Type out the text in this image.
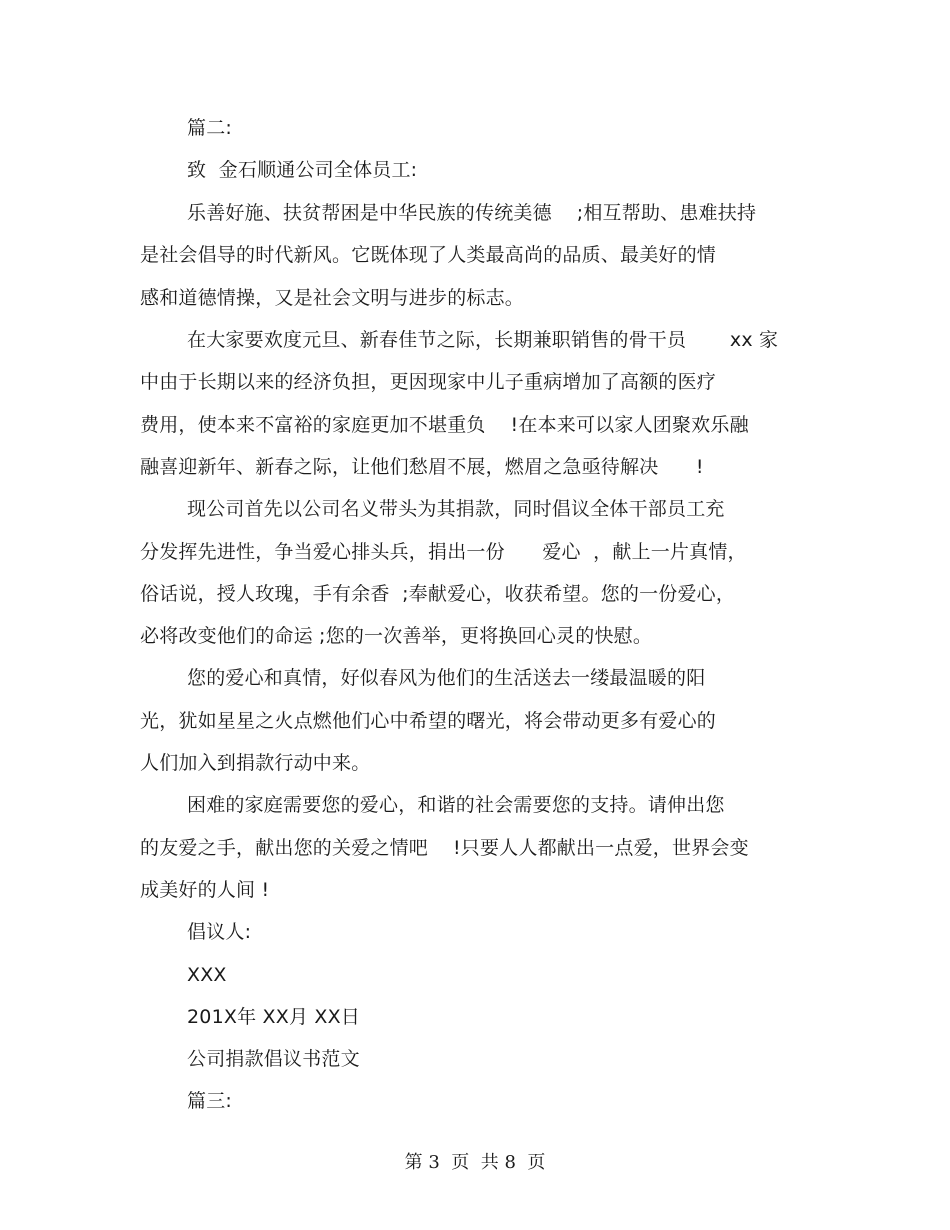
篇二:
致  金石顺通公司全体员工:
乐善好施、扶贫帮困是中华民族的传统美德    ;相互帮助、患难扶持
是社会倡导的时代新风。它既体现了人类最高尚的品质、最美好的情
感和道德情操，又是社会文明与进步的标志。
在大家要欢度元旦、新春佳节之际，长期兼职销售的骨干员       xx 家
中由于长期以来的经济负担，更因现家中儿子重病增加了高额的医疗
费用，使本来不富裕的家庭更加不堪重负    !在本来可以家人团聚欢乐融
融喜迎新年、新春之际，让他们愁眉不展，燃眉之急亟待解决      !
现公司首先以公司名义带头为其捐款，同时倡议全体干部员工充
分发挥先进性，争当爱心排头兵，捐出一份      爱心  ，献上一片真情，
俗话说，授人玫瑰，手有余香  ;奉献爱心，收获希望。您的一份爱心，
必将改变他们的命运 ;您的一次善举，更将换回心灵的快慰。
您的爱心和真情，好似春风为他们的生活送去一缕最温暖的阳
光，犹如星星之火点燃他们心中希望的曙光，将会带动更多有爱心的
人们加入到捐款行动中来。
困难的家庭需要您的爱心，和谐的社会需要您的支持。请伸出您
的友爱之手，献出您的关爱之情吧    !只要人人都献出一点爱，世界会变
成美好的人间 !
倡议人:
XXX
201X年 XX月 XX日
公司捐款倡议书范文
篇三:
第 3  页  共 8  页
